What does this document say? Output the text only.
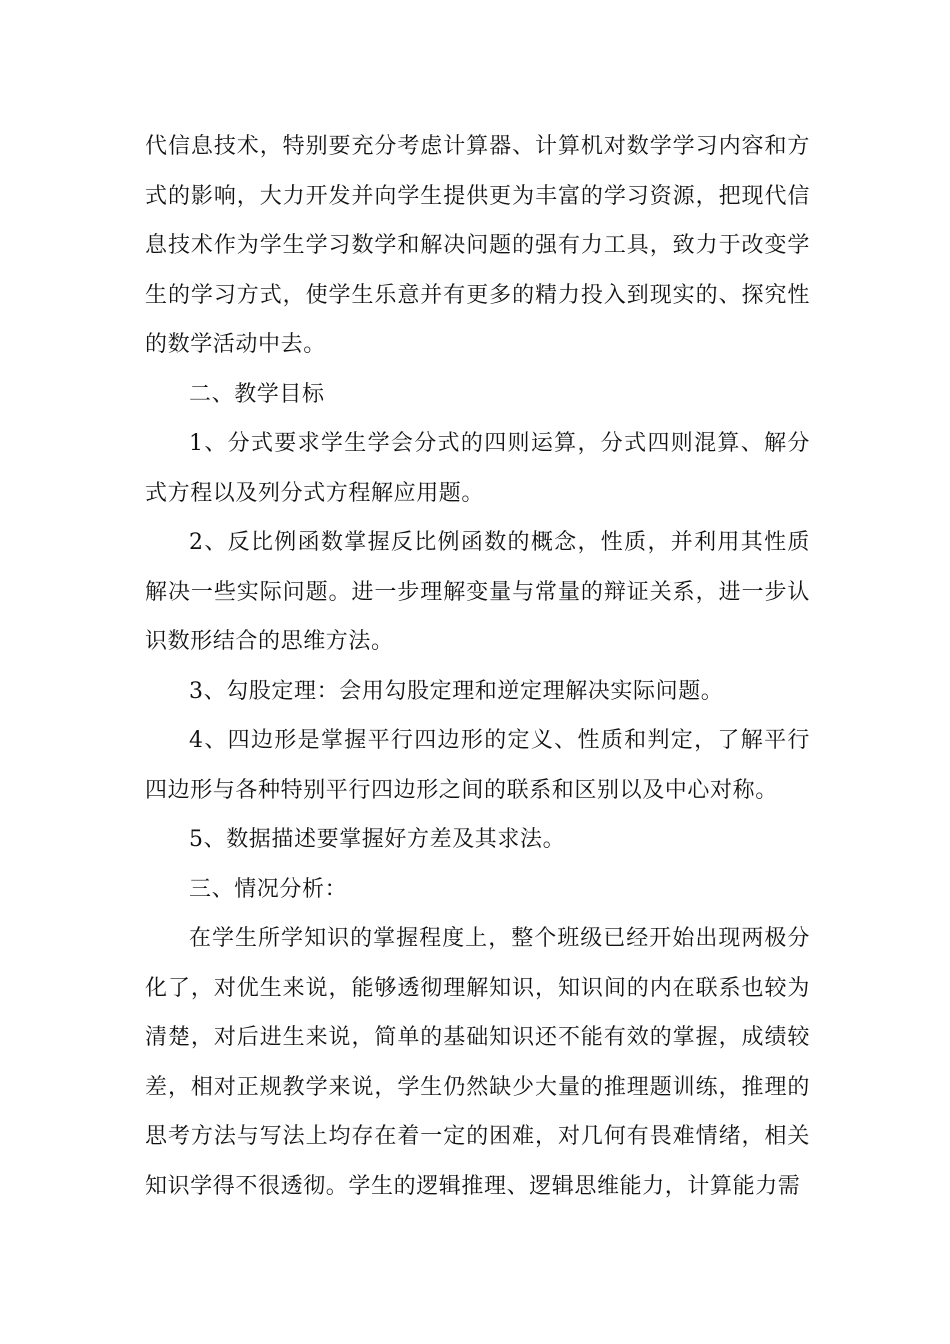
代信息技术，特别要充分考虑计算器、计算机对数学学习内容和方式的影响，大力开发并向学生提供更为丰富的学习资源，把现代信息技术作为学生学习数学和解决问题的强有力工具，致力于改变学生的学习方式，使学生乐意并有更多的精力投入到现实的、探究性的数学活动中去。

二、教学目标

1、分式要求学生学会分式的四则运算，分式四则混算、解分式方程以及列分式方程解应用题。

2、反比例函数掌握反比例函数的概念，性质，并利用其性质解决一些实际问题。进一步理解变量与常量的辩证关系，进一步认识数形结合的思维方法。

3、勾股定理：会用勾股定理和逆定理解决实际问题。

4、四边形是掌握平行四边形的定义、性质和判定，了解平行四边形与各种特别平行四边形之间的联系和区别以及中心对称。

5、数据描述要掌握好方差及其求法。

三、情况分析：

在学生所学知识的掌握程度上，整个班级已经开始出现两极分化了，对优生来说，能够透彻理解知识，知识间的内在联系也较为清楚，对后进生来说，简单的基础知识还不能有效的掌握，成绩较差，相对正规教学来说，学生仍然缺少大量的推理题训练，推理的思考方法与写法上均存在着一定的困难，对几何有畏难情绪，相关知识学得不很透彻。学生的逻辑推理、逻辑思维能力，计算能力需
